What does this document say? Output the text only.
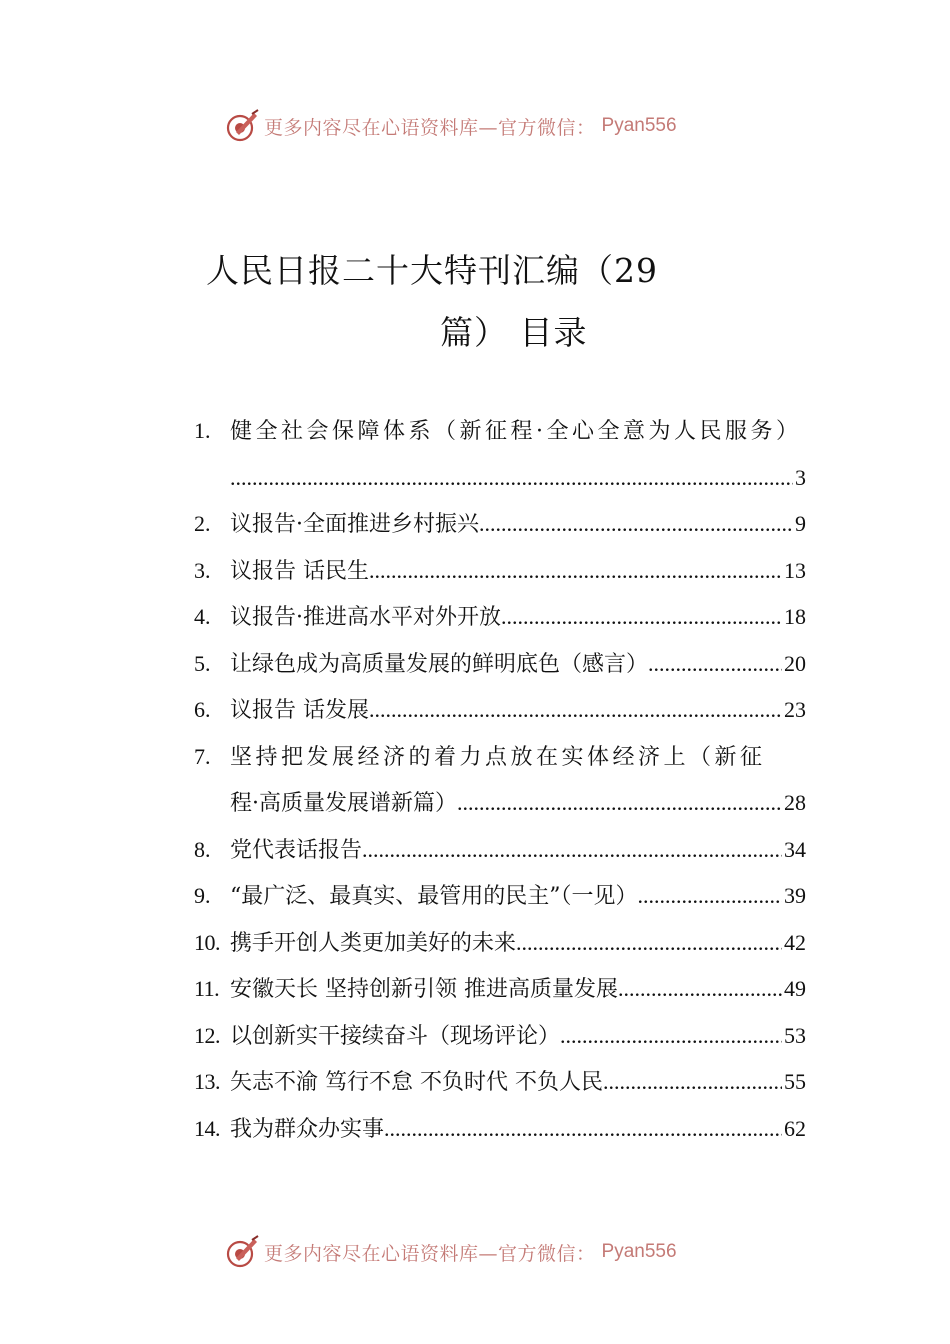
更多内容尽在心语资料库—官方微信： Pyan556
人民日报二十大特刊汇编（29
篇） 目录
1. 健全社会保障体系（新征程·全心全意为人民服务）
.....
3
2. 议报告·全面推进乡村振兴 .....	9
3. 议报告 话民生 .....	13
4. 议报告·推进高水平对外开放 .....	18
5. 让绿色成为高质量发展的鲜明底色（感言） .....	20
6. 议报告 话发展 .....	23
7. 坚持把发展经济的着力点放在实体经济上（新征
程·高质量发展谱新篇） .....	28
8. 党代表话报告 .....	34
9. “最广泛、最真实、最管用的民主”（一见） .....	39
10. 携手开创人类更加美好的未来 .....	42
11. 安徽天长 坚持创新引领 推进高质量发展 .....	49
12. 以创新实干接续奋斗（现场评论） .....	53
13. 矢志不渝 笃行不怠 不负时代 不负人民 .....	55
14. 我为群众办实事 .....	62
更多内容尽在心语资料库—官方微信： Pyan556
